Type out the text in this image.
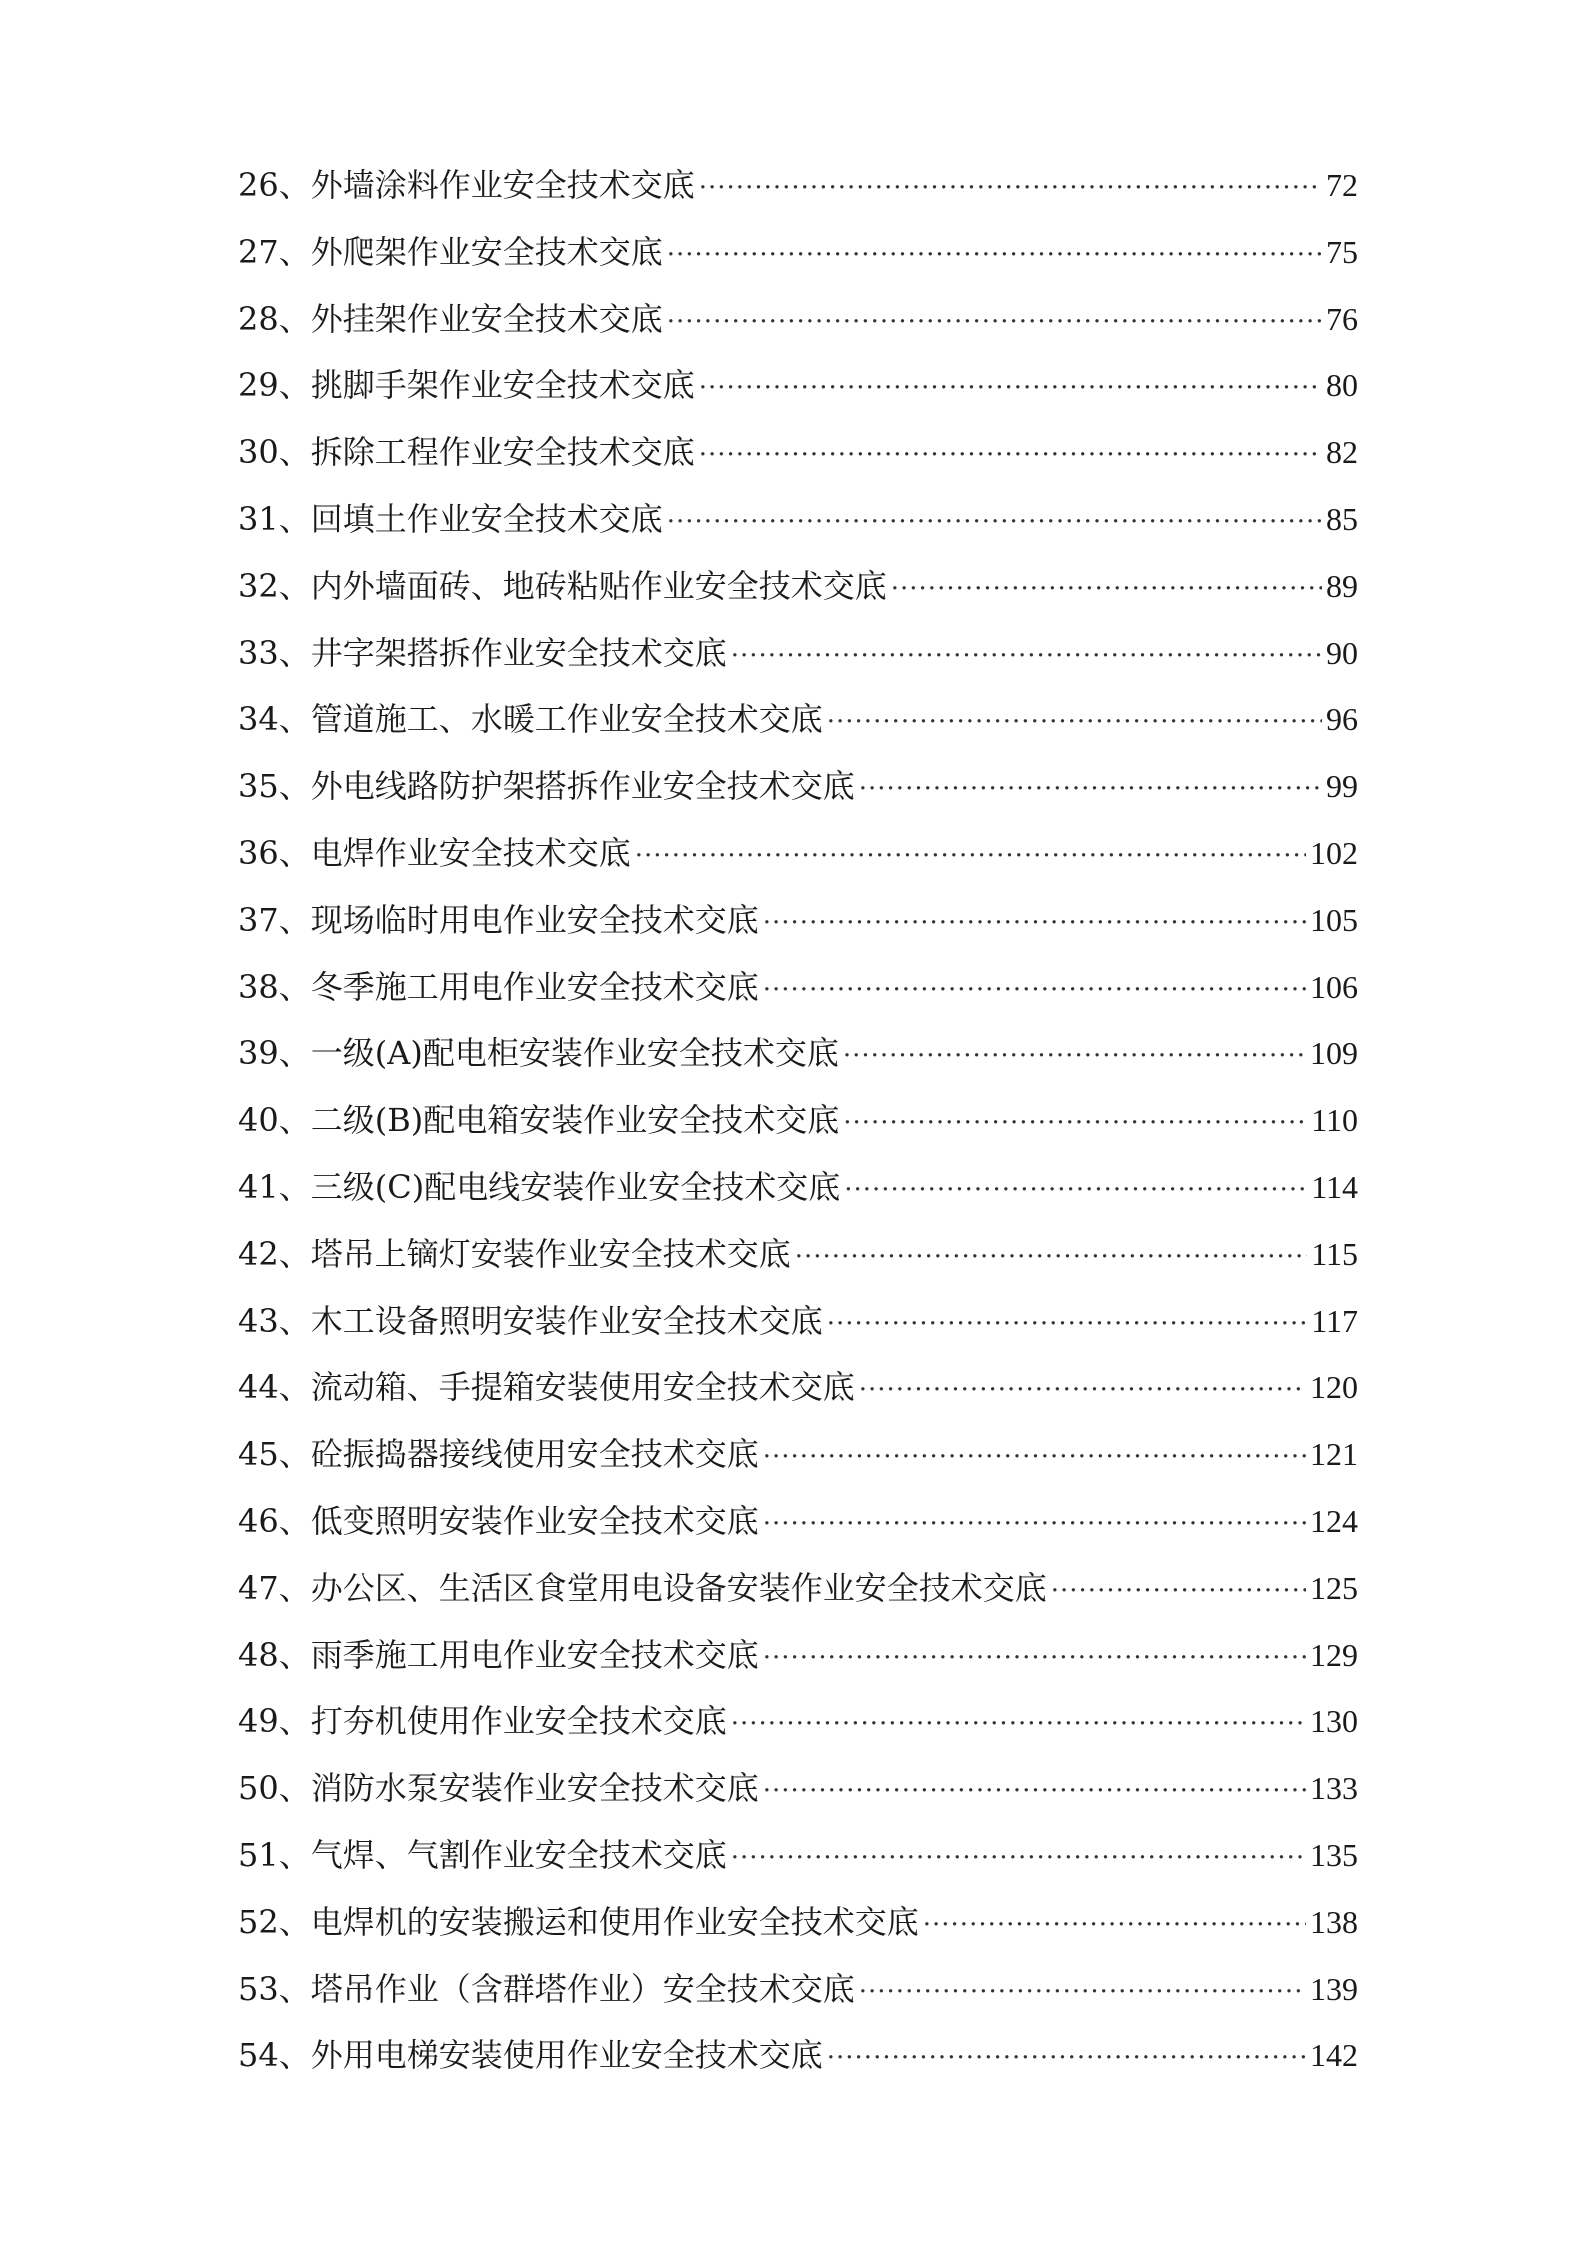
26、 外墙涂料作业安全技术交底 ·····	72
27、 外爬架作业安全技术交底 ·····	75
28、 外挂架作业安全技术交底 ·····	76
29、 挑脚手架作业安全技术交底 ·····	80
30、 拆除工程作业安全技术交底 ·····	82
31、 回填土作业安全技术交底 ·····	85
32、 内外墙面砖、地砖粘贴作业安全技术交底 ·····	89
33、 井字架搭拆作业安全技术交底 ·····	90
34、 管道施工、水暖工作业安全技术交底 ·····	96
35、 外电线路防护架搭拆作业安全技术交底 ·····	99
36、 电焊作业安全技术交底 ·····	102
37、 现场临时用电作业安全技术交底 ·····	105
38、 冬季施工用电作业安全技术交底 ·····	106
39、 一级(A)配电柜安装作业安全技术交底 ·····	109
40、 二级(B)配电箱安装作业安全技术交底 ·····	110
41、 三级(C)配电线安装作业安全技术交底 ·····	114
42、 塔吊上镝灯安装作业安全技术交底 ·····	115
43、 木工设备照明安装作业安全技术交底 ·····	117
44、 流动箱、手提箱安装使用安全技术交底 ·····	120
45、 砼振捣器接线使用安全技术交底 ·····	121
46、 低变照明安装作业安全技术交底 ·····	124
47、 办公区、生活区食堂用电设备安装作业安全技术交底 ·····	125
48、 雨季施工用电作业安全技术交底 ·····	129
49、 打夯机使用作业安全技术交底 ·····	130
50、 消防水泵安装作业安全技术交底 ·····	133
51、 气焊、气割作业安全技术交底 ·····	135
52、 电焊机的安装搬运和使用作业安全技术交底 ·····	138
53、 塔吊作业（含群塔作业）安全技术交底 ·····	139
54、 外用电梯安装使用作业安全技术交底 ·····	142
